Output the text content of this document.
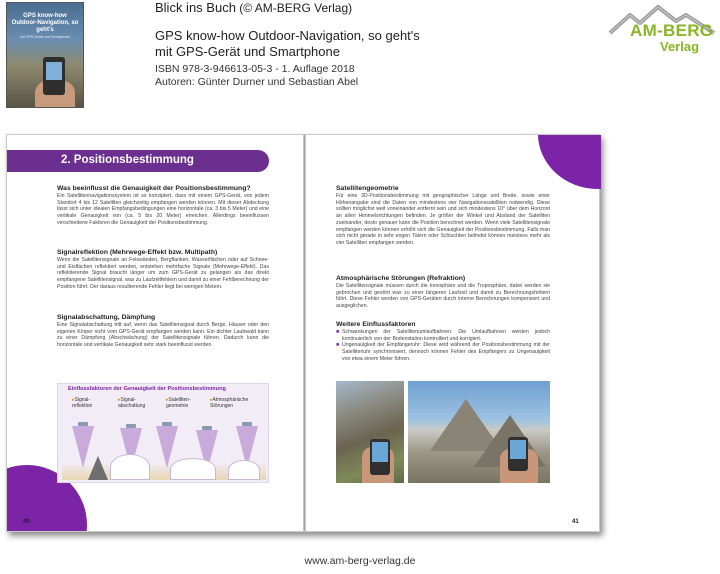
GPS know-how Outdoor-Navigation, so geht's
mit GPS-Gerät und Smartphone
Blick ins Buch (© AM-BERG Verlag)
GPS know-how Outdoor-Navigation, so geht's
mit GPS-Gerät und Smartphone
ISBN 978-3-946613-05-3 - 1. Auflage 2018
Autoren: Günter Durner und Sebastian Abel
AM-BERG
Verlag
2. Positionsbestimmung
Was beeinflusst die Genauigkeit der Positionsbestimmung?
Ein Satellitennavigationssystem ist so konzipiert, dass mit einem GPS-Gerät, von jedem Standort 4 bis 12 Satelliten gleichzeitig empfangen werden können. Mit dieser Abdeckung lässt sich unter idealen Empfangsbedingungen eine horizontale (ca. 3 bis 5 Meter) und eine vertikale Genauigkeit von (ca. 5 bis 20 Meter) erreichen. Allerdings beeinflussen verschiedene Faktoren die Genauigkeit der Positionsbestimmung.
Signalreflektion (Mehrwege-Effekt bzw. Multipath)
Wenn die Satellitensignale an Felswänden, Bergflanken, Wasserflächen oder auf Schnee- und Eisflächen reflektiert werden, entstehen mehrfache Signale (Mehrwege-Effekt). Das reflektierende Signal braucht länger um zum GPS-Gerät zu gelangen als das direkt empfangene Satellitensignal, was zu Laufzeitfehlern und damit zu einer Fehlberechnung der Position führt. Der daraus resultierende Fehler liegt bei wenigen Metern.
Signalabschattung, Dämpfung
Eine Signalabschattung tritt auf, wenn das Satellitensignal durch Berge, Häuser oder den eigenen Körper nicht vom GPS-Gerät empfangen werden kann. Ein dichter Laubwald kann zu einer Dämpfung (Abschwächung) der Satellitensignale führen. Dadurch kann die horizontale und vertikale Genauigkeit sehr stark beeinflusst werden.
Einflussfaktoren der Genauigkeit der Positionsbestimmung
▸Signal-
reflektion
▸Signal-
abschattung
▸Satelliten-
geometrie
▸Atmosphärische
Störungen
40
Satellitengeometrie
Für eine 3D-Positionsbestimmung mit geographischer Länge und Breite, sowie einer Höhenangabe sind die Daten von mindestens vier Navigationssatelliten notwendig. Diese sollten möglichst weit voneinander entfernt sein und sich mindestens 10° über dem Horizont an allen Himmelsrichtungen befinden. Je größer der Winkel und Abstand der Satelliten zueinander, desto genauer kann die Position berechnet werden. Wenn viele Satellitensignale empfangen werden können erhöht sich die Genauigkeit der Positionsbestimmung. Falls man sich nicht gerade in sehr engen Tälern oder Schluchten befindet können meistens mehr als vier Satelliten empfangen werden.
Atmosphärische Störungen (Refraktion)
Die Satellitensignale müssen durch die Ionosphäre und die Troposphäre, dabei werden sie gebrochen und gestört was zu einer längeren Laufzeit und damit zu Berechnungsfehlern führt. Diese Fehler werden von GPS-Geräten durch interne Berechnungen kompensiert und ausgeglichen.
Weitere Einflussfaktoren
■ Schwankungen der Satellitenumlaufbahnen: Die Umlaufbahnen werden jedoch kontinuierlich von der Bodenstation kontrolliert und korrigiert.
■ Ungenauigkeit der Empfängeruhr: Diese wird während der Positionsbestimmung mit der Satellitenuhr synchronisiert, dennoch können Fehler des Empfängers zu Ungenauigkeit von etwa einem Meter führen.
41
www.am-berg-verlag.de
